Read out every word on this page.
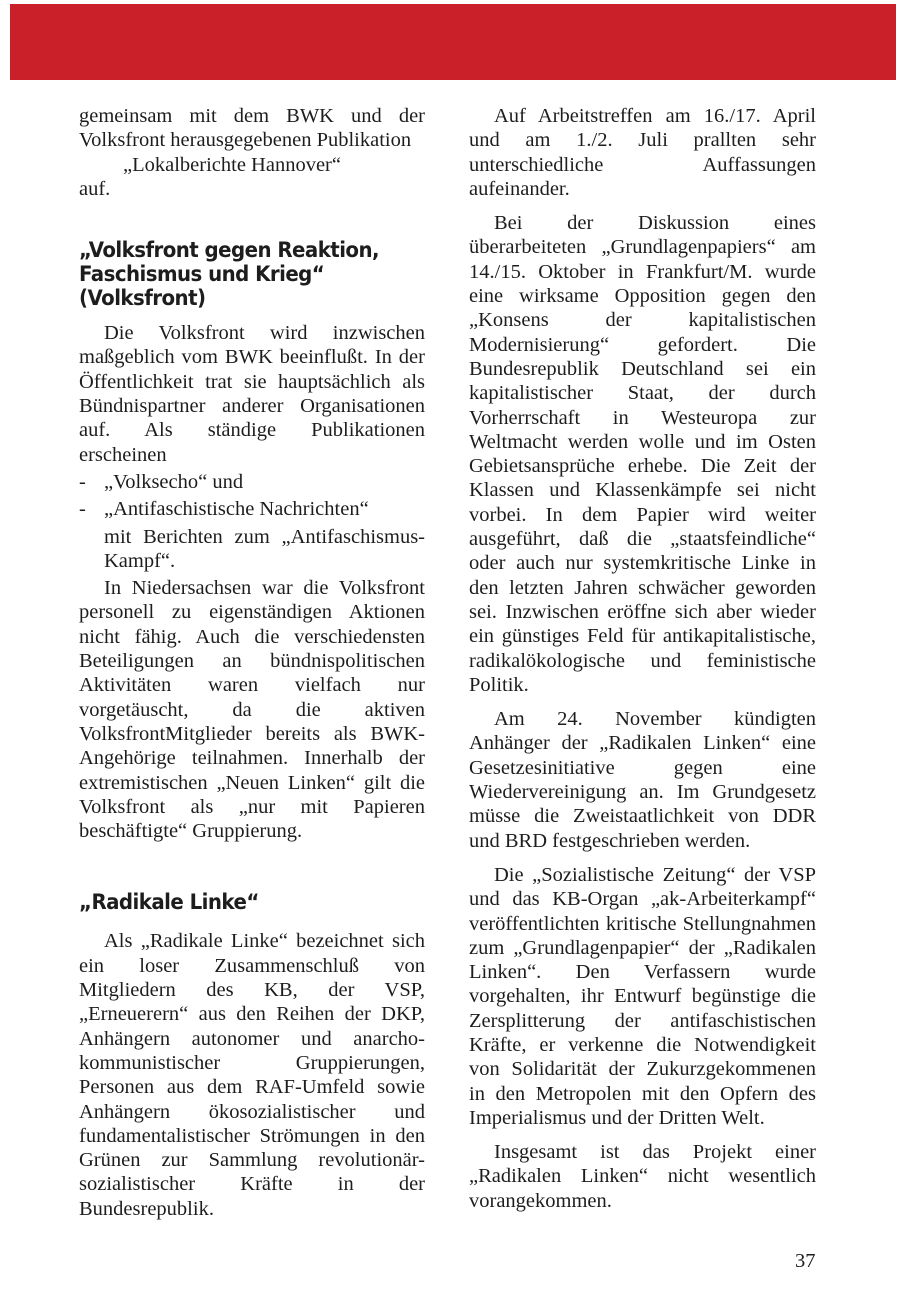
gemeinsam mit dem BWK und der Volksfront herausgegebenen Publikation

„Lokalberichte Hannover“

auf.

„Volksfront gegen Reaktion,

Faschismus und Krieg“

(Volksfront)

Die Volksfront wird inzwischen maßgeblich vom BWK beeinflußt. In der Öffentlichkeit trat sie hauptsächlich als Bündnispartner anderer Organisationen auf. Als ständige Publikationen erscheinen

- „Volksecho“ und
- „Antifaschistische Nachrichten“

mit Berichten zum „Antifaschismus-Kampf“.

In Niedersachsen war die Volksfront personell zu eigenständigen Aktionen nicht fähig. Auch die verschiedensten Beteiligungen an bündnispolitischen Aktivitäten waren vielfach nur vorgetäuscht, da die aktiven VolksfrontMitglieder bereits als BWK-Angehörige teilnahmen. Innerhalb der extremistischen „Neuen Linken“ gilt die Volksfront als „nur mit Papieren beschäftigte“ Gruppierung.

„Radikale Linke“

Als „Radikale Linke“ bezeichnet sich ein loser Zusammenschluß von Mitgliedern des KB, der VSP, „Erneuerern“ aus den Reihen der DKP, Anhängern autonomer und anarcho-kommunistischer Gruppierungen, Personen aus dem RAF-Umfeld sowie Anhängern ökosozialistischer und fundamentalistischer Strömungen in den Grünen zur Sammlung revolutionär-sozialistischer Kräfte in der Bundesrepublik.

Auf Arbeitstreffen am 16./17. April und am 1./2. Juli prallten sehr unterschiedliche Auffassungen aufeinander.

Bei der Diskussion eines überarbeiteten „Grundlagenpapiers“ am 14./15. Oktober in Frankfurt/M. wurde eine wirksame Opposition gegen den „Konsens der kapitalistischen Modernisierung“ gefordert. Die Bundesrepublik Deutschland sei ein kapitalistischer Staat, der durch Vorherrschaft in Westeuropa zur Weltmacht werden wolle und im Osten Gebietsansprüche erhebe. Die Zeit der Klassen und Klassenkämpfe sei nicht vorbei. In dem Papier wird weiter ausgeführt, daß die „staatsfeindliche“ oder auch nur systemkritische Linke in den letzten Jahren schwächer geworden sei. Inzwischen eröffne sich aber wieder ein günstiges Feld für antikapitalistische, radikalökologische und feministische Politik.

Am 24. November kündigten Anhänger der „Radikalen Linken“ eine Gesetzesinitiative gegen eine Wiedervereinigung an. Im Grundgesetz müsse die Zweistaatlichkeit von DDR und BRD festgeschrieben werden.

Die „Sozialistische Zeitung“ der VSP und das KB-Organ „ak-Arbeiterkampf“ veröffentlichten kritische Stellungnahmen zum „Grundlagenpapier“ der „Radikalen Linken“. Den Verfassern wurde vorgehalten, ihr Entwurf begünstige die Zersplitterung der antifaschistischen Kräfte, er verkenne die Notwendigkeit von Solidarität der Zukurzgekommenen in den Metropolen mit den Opfern des Imperialismus und der Dritten Welt.

Insgesamt ist das Projekt einer „Radikalen Linken“ nicht wesentlich vorangekommen.

37
